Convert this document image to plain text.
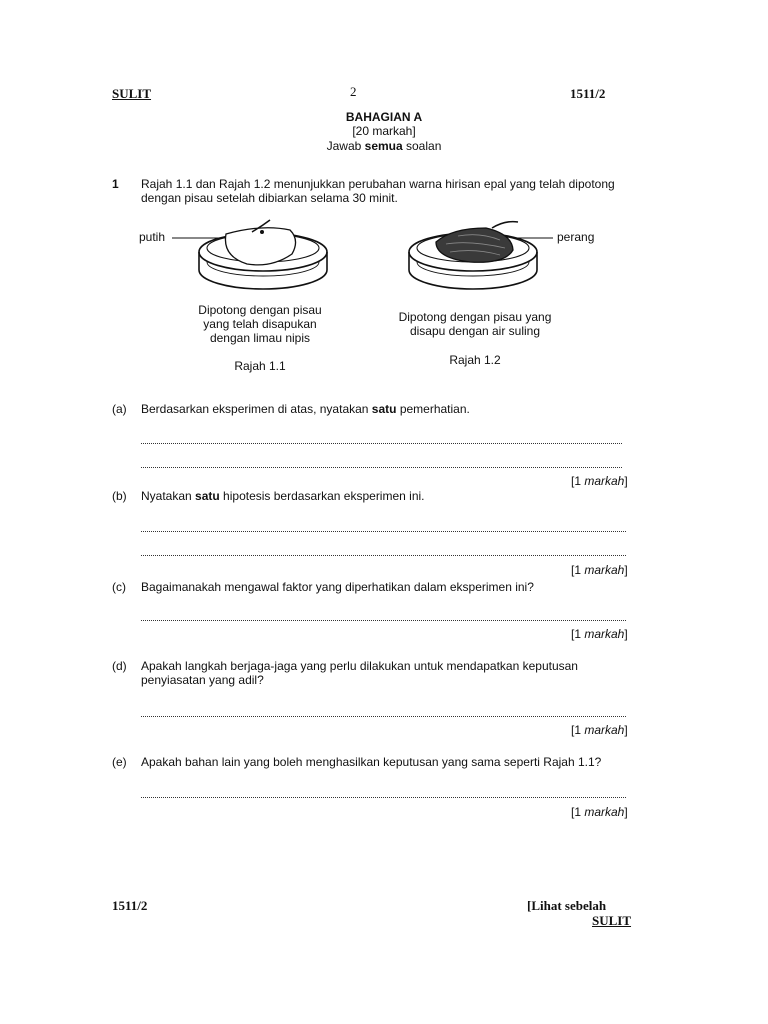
SULIT	2	1511/2
BAHAGIAN A
[20 markah]
Jawab semua soalan
1 Rajah 1.1 dan Rajah 1.2 menunjukkan perubahan warna hirisan epal yang telah dipotong
dengan pisau setelah dibiarkan selama 30 minit.
putih	perang
Dipotong dengan pisau
yang telah disapukan
dengan limau nipis
Rajah 1.1
Dipotong dengan pisau yang
disapu dengan air suling
Rajah 1.2
(a) Berdasarkan eksperimen di atas, nyatakan satu pemerhatian.
[1 markah]
(b) Nyatakan satu hipotesis berdasarkan eksperimen ini.
[1 markah]
(c) Bagaimanakah mengawal faktor yang diperhatikan dalam eksperimen ini?
[1 markah]
(d) Apakah langkah berjaga-jaga yang perlu dilakukan untuk mendapatkan keputusan
penyiasatan yang adil?
[1 markah]
(e) Apakah bahan lain yang boleh menghasilkan keputusan yang sama seperti Rajah 1.1?
[1 markah]
1511/2	[Lihat sebelah
SULIT
